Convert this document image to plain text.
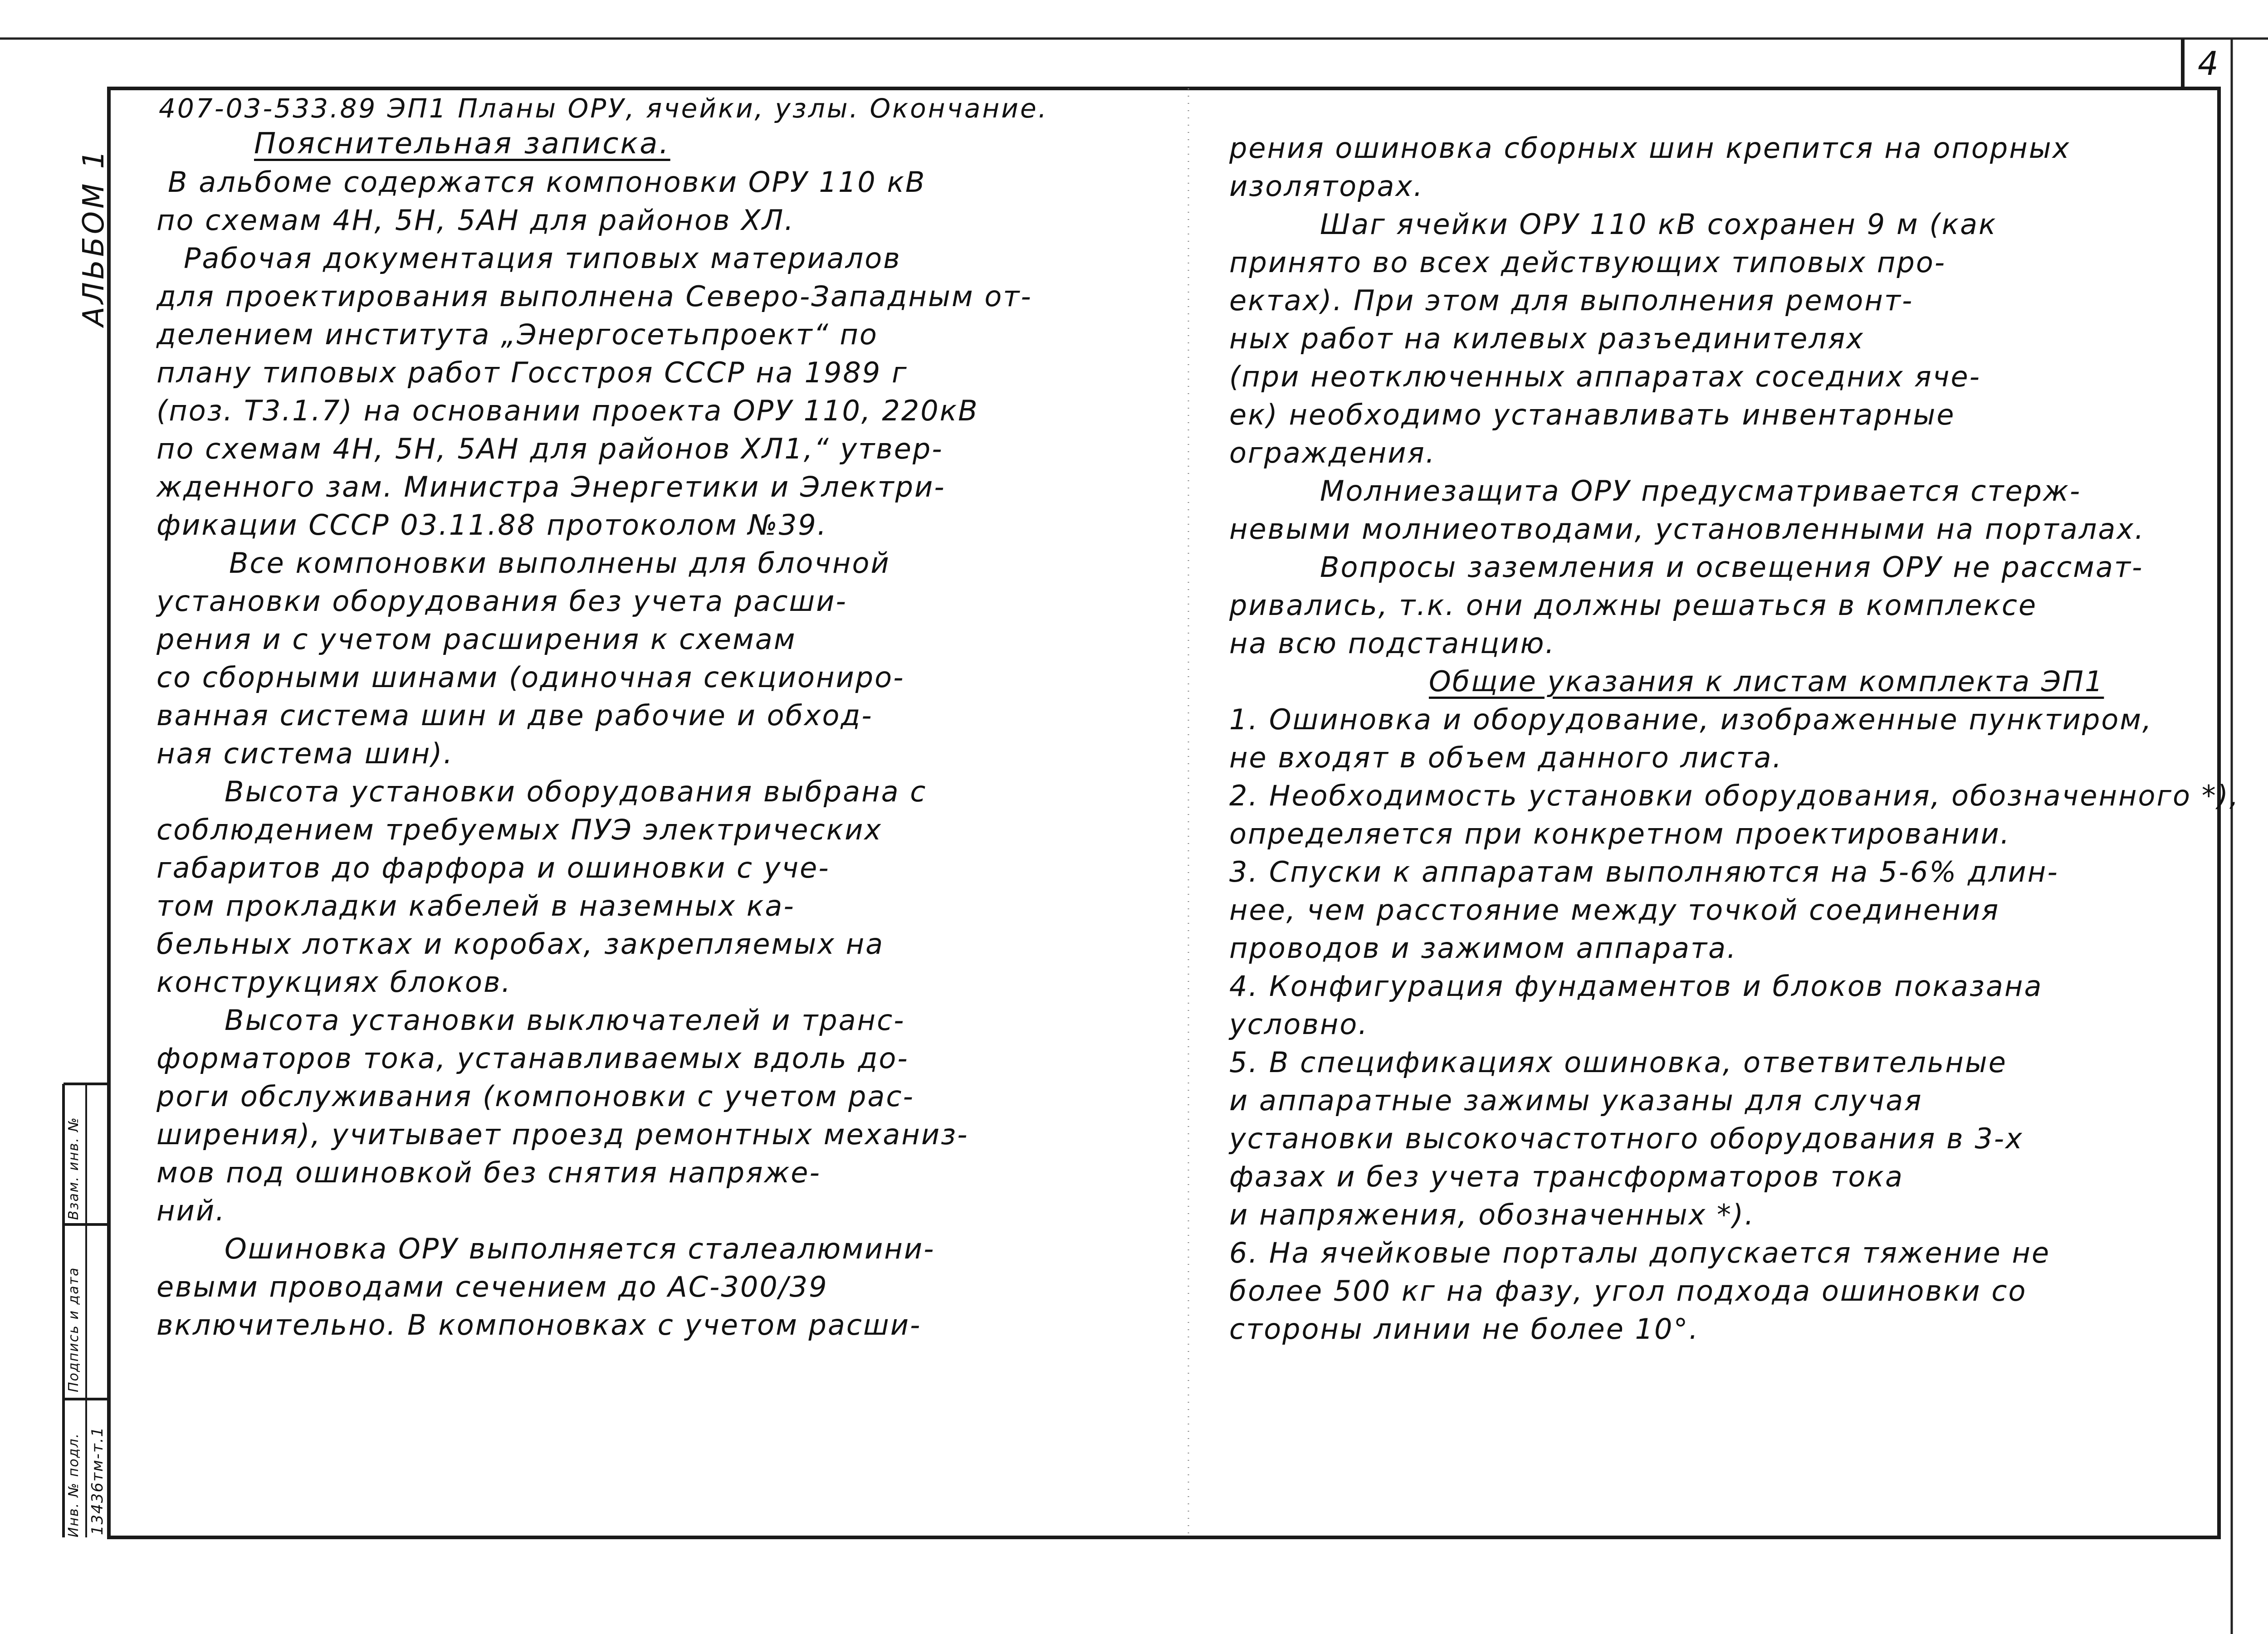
4
АЛЬБОМ 1
407-03-533.89 ЭП1 Планы ОРУ, ячейки, узлы. Окончание.
Пояснительная записка.
В альбоме содержатся компоновки ОРУ 110 кВ
по схемам 4Н, 5Н, 5АН для районов ХЛ.
Рабочая документация типовых материалов
для проектирования выполнена Северо-Западным от-
делением института „Энергосетьпроект“ по
плану типовых работ Госстроя СССР на 1989 г
(поз. Т3.1.7) на основании проекта ОРУ 110, 220кВ
по схемам 4Н, 5Н, 5АН для районов ХЛ1,“ утвер-
жденного зам. Министра Энергетики и Электри-
фикации СССР 03.11.88 протоколом №39.
Все компоновки выполнены для блочной
установки оборудования без учета расши-
рения и с учетом расширения к схемам
со сборными шинами (одиночная секциониро-
ванная система шин и две рабочие и обход-
ная система шин).
Высота установки оборудования выбрана с
соблюдением требуемых ПУЭ электрических
габаритов до фарфора и ошиновки с уче-
том прокладки кабелей в наземных ка-
бельных лотках и коробах, закрепляемых на
конструкциях блоков.
Высота установки выключателей и транс-
форматоров тока, устанавливаемых вдоль до-
роги обслуживания (компоновки с учетом рас-
ширения), учитывает проезд ремонтных механиз-
мов под ошиновкой без снятия напряже-
ний.
Ошиновка ОРУ выполняется сталеалюмини-
евыми проводами сечением до АС-300/39
включительно. В компоновках с учетом расши-
рения ошиновка сборных шин крепится на опорных
изоляторах.
Шаг ячейки ОРУ 110 кВ сохранен 9 м (как
принято во всех действующих типовых про-
ектах). При этом для выполнения ремонт-
ных работ на килевых разъединителях
(при неотключенных аппаратах соседних яче-
ек) необходимо устанавливать инвентарные
ограждения.
Молниезащита ОРУ предусматривается стерж-
невыми молниеотводами, установленными на порталах.
Вопросы заземления и освещения ОРУ не рассмат-
ривались, т.к. они должны решаться в комплексе
на всю подстанцию.
Общие указания к листам комплекта ЭП1
1. Ошиновка и оборудование, изображенные пунктиром,
не входят в объем данного листа.
2. Необходимость установки оборудования, обозначенного *),
определяется при конкретном проектировании.
3. Спуски к аппаратам выполняются на 5-6% длин-
нее, чем расстояние между точкой соединения
проводов и зажимом аппарата.
4. Конфигурация фундаментов и блоков показана
условно.
5. В спецификациях ошиновка, ответвительные
и аппаратные зажимы указаны для случая
установки высокочастотного оборудования в 3-х
фазах и без учета трансформаторов тока
и напряжения, обозначенных *).
6. На ячейковые порталы допускается тяжение не
более 500 кг на фазу, угол подхода ошиновки со
стороны линии не более 10°.
Инв. № подл. 13436тм-т.1
Подпись и дата
Взам. инв. №
